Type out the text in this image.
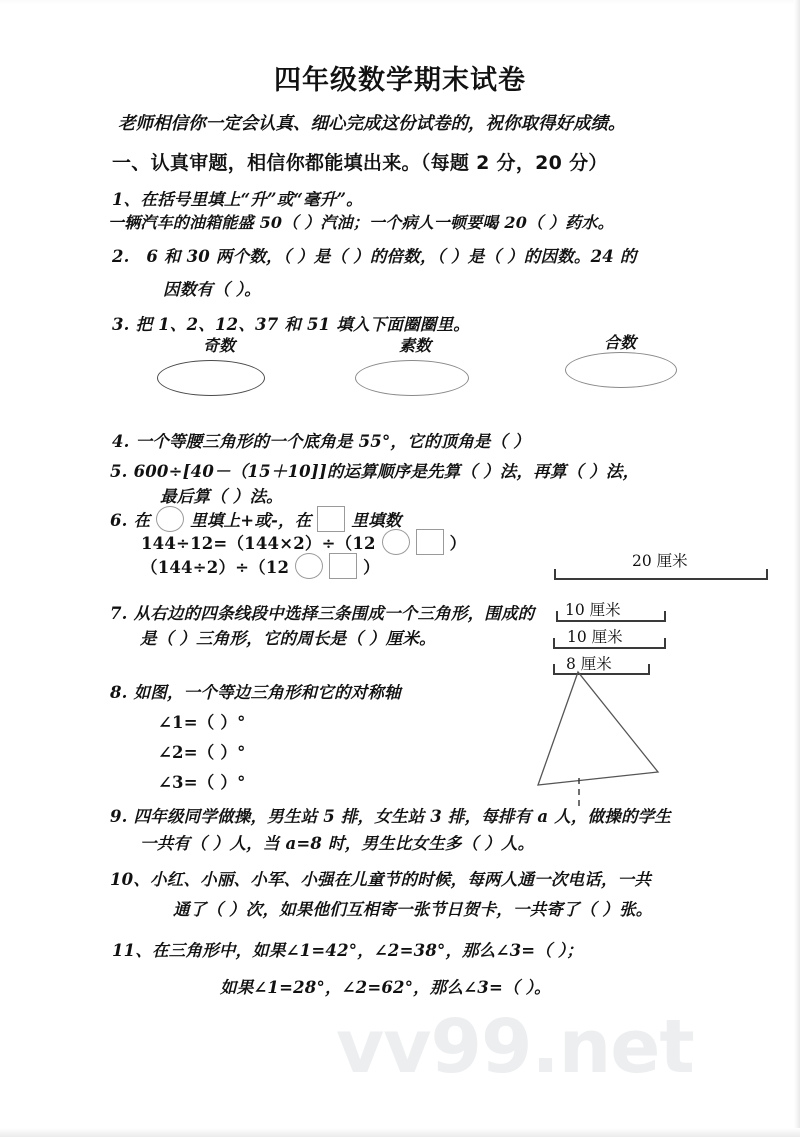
四年级数学期末试卷
老师相信你一定会认真、细心完成这份试卷的，祝你取得好成绩。
一、认真审题，相信你都能填出来。（每题 2 分，20 分）
1、在括号里填上“升”或“毫升”。
一辆汽车的油箱能盛 50（ ）汽油；一个病人一顿要喝 20（ ）药水。
2.　6 和 30 两个数，（ ）是（ ）的倍数，（ ）是（ ）的因数。24 的
因数有（ ）。
3. 把 1、2、12、37 和 51 填入下面圈圈里。
奇数	素数	合数
4. 一个等腰三角形的一个底角是 55°，它的顶角是（ ）
5. 600÷[40－（15＋10]]的运算顺序是先算（ ）法，再算（ ）法，
最后算（ ）法。
6. 在 里填上+或-，在 里填数
144÷12=（144×2）÷（12	）
（144÷2）÷（12	）	20 厘米
10 厘米
10 厘米
8 厘米
7. 从右边的四条线段中选择三条围成一个三角形，围成的
是（ ）三角形，它的周长是（ ）厘米。
8. 如图，一个等边三角形和它的对称轴
∠1=（ ）°
∠2=（ ）°
∠3=（ ）°
9. 四年级同学做操，男生站 5 排，女生站 3 排，每排有 a 人，做操的学生
一共有（ ）人，当 a=8 时，男生比女生多（ ）人。
10、小红、小丽、小军、小强在儿童节的时候，每两人通一次电话，一共
通了（ ）次，如果他们互相寄一张节日贺卡，一共寄了（ ）张。
11、在三角形中，如果∠1=42°，∠2=38°，那么∠3=（ ）；
如果∠1=28°，∠2=62°，那么∠3=（ ）。
vv99.net
